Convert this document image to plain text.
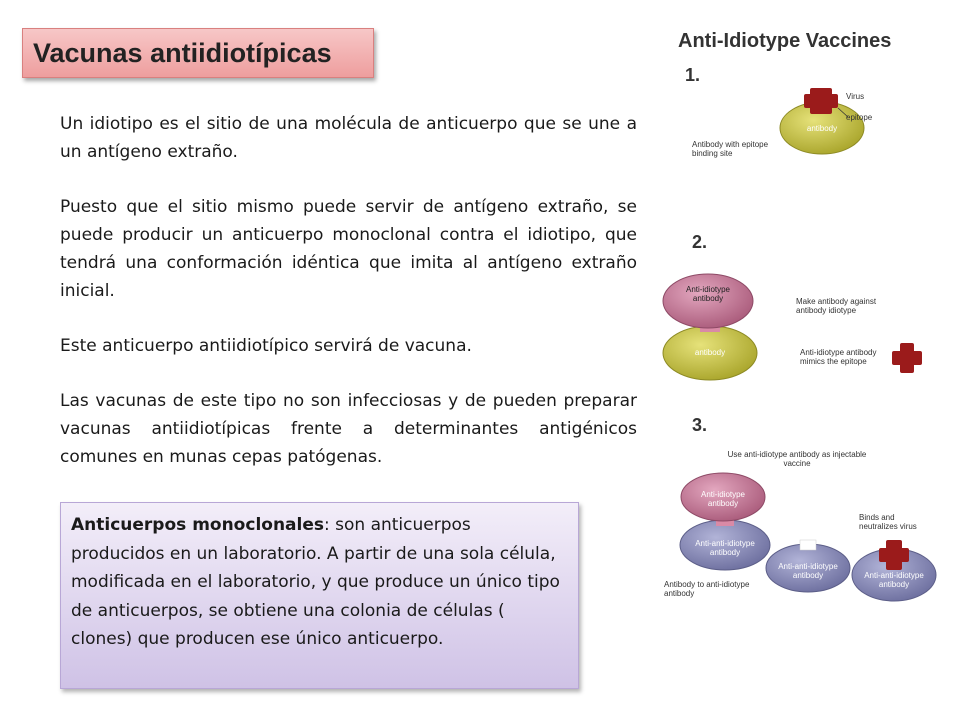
Vacunas antiidiotípicas

Un idiotipo es el sitio de una molécula de anticuerpo que se une a un antígeno extraño.

Puesto que el sitio mismo puede servir de antígeno extraño, se puede producir un anticuerpo monoclonal contra el idiotipo, que tendrá una conformación idéntica que imita al antígeno extraño inicial.

Este anticuerpo antiidiotípico servirá de vacuna.

Las vacunas de este tipo no son infecciosas y de pueden preparar vacunas antiidiotípicas frente a determinantes antigénicos comunes en munas cepas patógenas.

Anticuerpos monoclonales: son anticuerpos producidos en un laboratorio. A partir de una sola célula, modificada en el laboratorio, y que produce un único tipo de anticuerpos, se obtiene una colonia de células ( clones) que producen ese único anticuerpo.
Anti-Idiotype Vaccines
1.
Virus
epitope
antibody
Antibody with epitope binding site
2.
Anti-idiotype antibody
antibody
Make antibody against antibody idiotype
Anti-idiotype antibody mimics the epitope
3.
Use anti-idiotype antibody as injectable vaccine
Anti-idiotype antibody
Anti-anti-idiotype antibody
Anti-anti-idiotype antibody	Anti-anti-idiotype antibody
Binds and neutralizes virus
Antibody to anti-idiotype antibody
